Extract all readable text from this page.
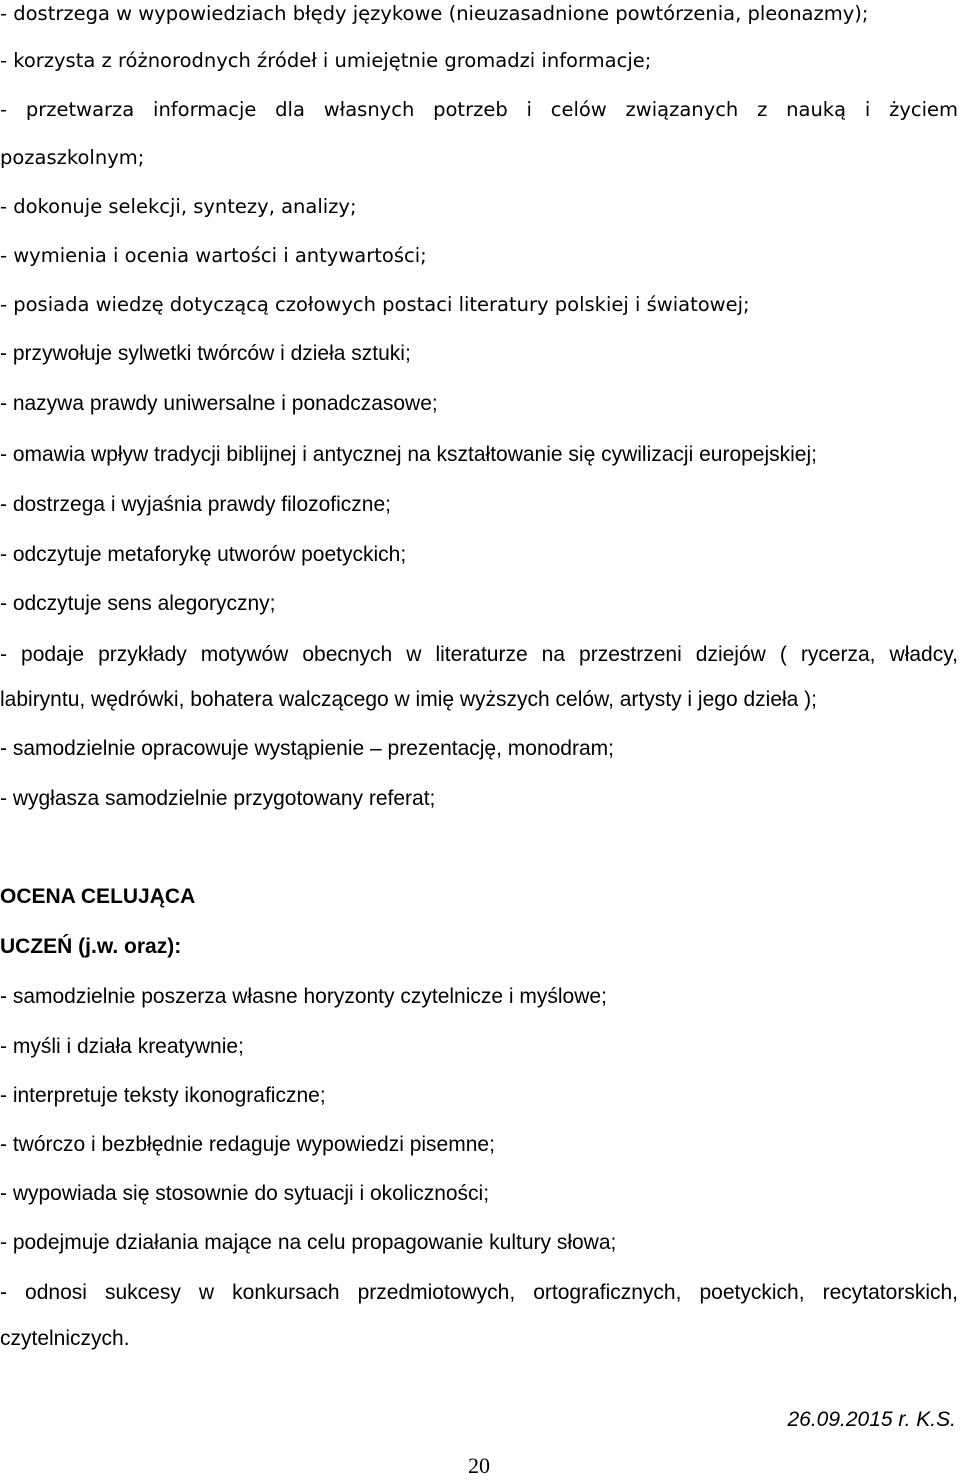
- dostrzega w wypowiedziach błędy językowe (nieuzasadnione powtórzenia, pleonazmy);
- korzysta z różnorodnych źródeł i umiejętnie gromadzi informacje;
- przetwarza informacje dla własnych potrzeb i celów związanych z nauką i życiem
pozaszkolnym;
- dokonuje selekcji, syntezy, analizy;
- wymienia i ocenia wartości i antywartości;
- posiada wiedzę dotyczącą czołowych postaci literatury polskiej i światowej;
- przywołuje sylwetki twórców i dzieła sztuki;
- nazywa prawdy uniwersalne i ponadczasowe;
- omawia wpływ tradycji biblijnej i antycznej na kształtowanie się cywilizacji europejskiej;
- dostrzega i wyjaśnia prawdy filozoficzne;
- odczytuje metaforykę utworów poetyckich;
- odczytuje sens alegoryczny;
- podaje przykłady motywów obecnych w literaturze na przestrzeni dziejów ( rycerza, władcy,
labiryntu, wędrówki, bohatera walczącego w imię wyższych celów, artysty i jego dzieła );
- samodzielnie opracowuje wystąpienie – prezentację, monodram;
- wygłasza samodzielnie przygotowany referat;
OCENA CELUJĄCA
UCZEŃ (j.w. oraz):
- samodzielnie poszerza własne horyzonty czytelnicze i myślowe;
- myśli i działa kreatywnie;
- interpretuje teksty ikonograficzne;
- twórczo i bezbłędnie redaguje wypowiedzi pisemne;
- wypowiada się stosownie do sytuacji i okoliczności;
- podejmuje działania mające na celu propagowanie kultury słowa;
- odnosi sukcesy w konkursach przedmiotowych, ortograficznych, poetyckich, recytatorskich,
czytelniczych.
26.09.2015 r. K.S.
20
